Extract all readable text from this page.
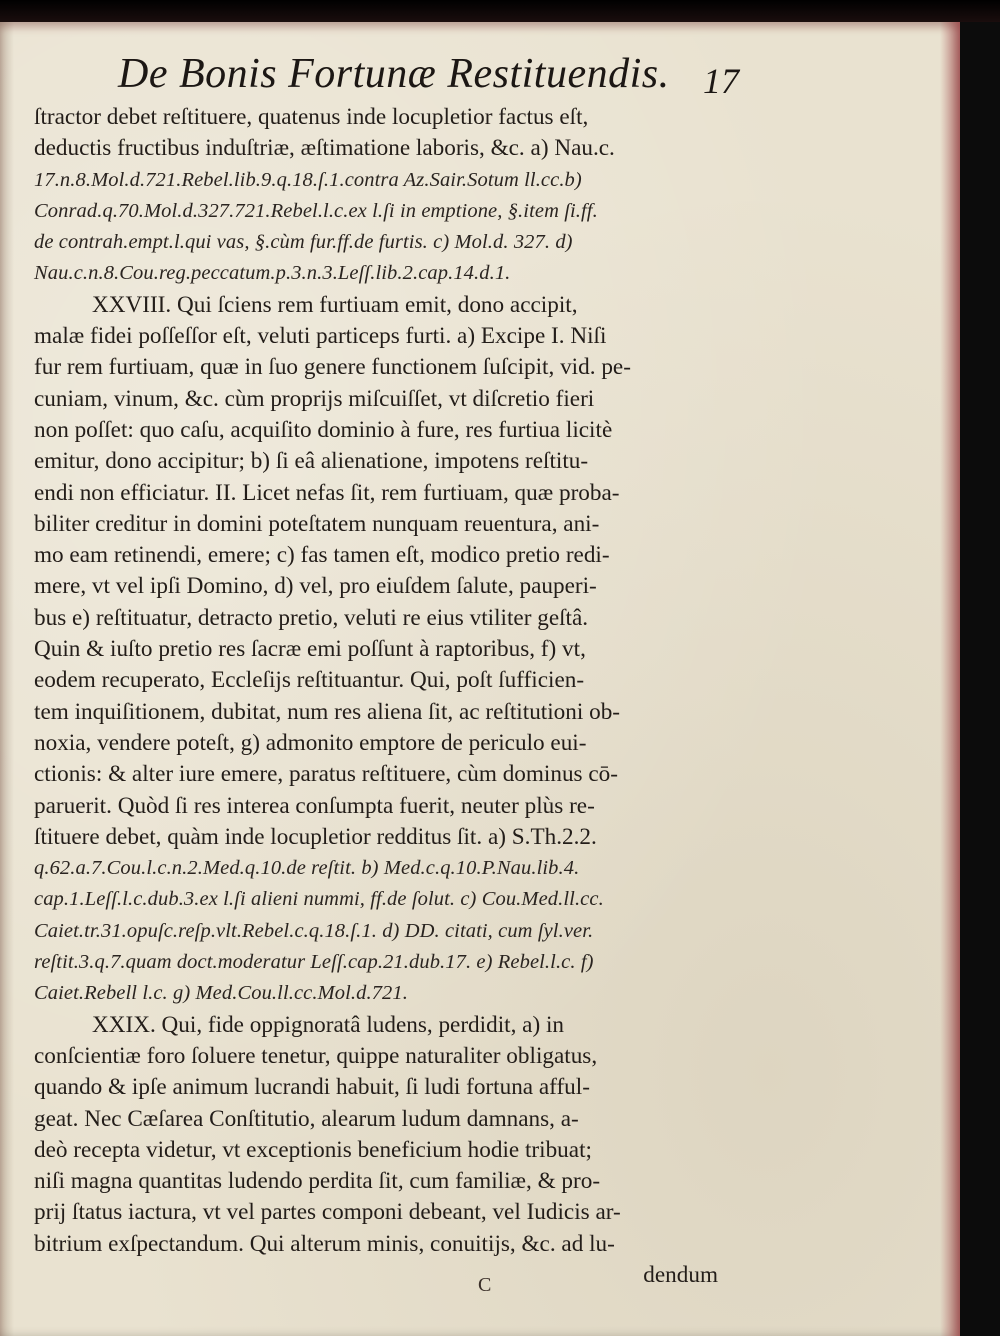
De Bonis Fortunæ Restituendis. 17
ſtractor debet reſtituere, quatenus inde locupletior factus eſt,
deductis fructibus induſtriæ, æſtimatione laboris, &c. a) Nau.c.
17.n.8.Mol.d.721.Rebel.lib.9.q.18.ſ.1.contra Az.Sair.Sotum ll.cc.b)
Conrad.q.70.Mol.d.327.721.Rebel.l.c.ex l.ſi in emptione, §.item ſi.ff.
de contrah.empt.l.qui vas, §.cùm fur.ff.de furtis. c) Mol.d. 327. d)
Nau.c.n.8.Cou.reg.peccatum.p.3.n.3.Leſſ.lib.2.cap.14.d.1.
XXVIII. Qui ſciens rem furtiuam emit, dono accipit,
malæ fidei poſſeſſor eſt, veluti particeps furti. a) Excipe I. Niſi
fur rem furtiuam, quæ in ſuo genere functionem ſuſcipit, vid. pe-
cuniam, vinum, &c. cùm proprijs miſcuiſſet, vt diſcretio fieri
non poſſet: quo caſu, acquiſito dominio à fure, res furtiua licitè
emitur, dono accipitur; b) ſi eâ alienatione, impotens reſtitu-
endi non efficiatur. II. Licet nefas ſit, rem furtiuam, quæ proba-
biliter creditur in domini poteſtatem nunquam reuentura, ani-
mo eam retinendi, emere; c) fas tamen eſt, modico pretio redi-
mere, vt vel ipſi Domino, d) vel, pro eiuſdem ſalute, pauperi-
bus e) reſtituatur, detracto pretio, veluti re eius vtiliter geſtâ.
Quin & iuſto pretio res ſacræ emi poſſunt à raptoribus, f) vt,
eodem recuperato, Eccleſijs reſtituantur. Qui, poſt ſufficien-
tem inquiſitionem, dubitat, num res aliena ſit, ac reſtitutioni ob-
noxia, vendere poteſt, g) admonito emptore de periculo eui-
ctionis: & alter iure emere, paratus reſtituere, cùm dominus cō-
paruerit. Quòd ſi res interea conſumpta fuerit, neuter plùs re-
ſtituere debet, quàm inde locupletior redditus ſit. a) S.Th.2.2.
q.62.a.7.Cou.l.c.n.2.Med.q.10.de reſtit. b) Med.c.q.10.P.Nau.lib.4.
cap.1.Leſſ.l.c.dub.3.ex l.ſi alieni nummi, ff.de ſolut. c) Cou.Med.ll.cc.
Caiet.tr.31.opuſc.reſp.vlt.Rebel.c.q.18.ſ.1. d) DD. citati, cum ſyl.ver.
reſtit.3.q.7.quam doct.moderatur Leſſ.cap.21.dub.17. e) Rebel.l.c. f)
Caiet.Rebell l.c. g) Med.Cou.ll.cc.Mol.d.721.
XXIX. Qui, fide oppignoratâ ludens, perdidit, a) in
conſcientiæ foro ſoluere tenetur, quippe naturaliter obligatus,
quando & ipſe animum lucrandi habuit, ſi ludi fortuna afful-
geat. Nec Cæſarea Conſtitutio, alearum ludum damnans, a-
deò recepta videtur, vt exceptionis beneficium hodie tribuat;
niſi magna quantitas ludendo perdita ſit, cum familiæ, & pro-
prij ſtatus iactura, vt vel partes componi debeant, vel Iudicis ar-
bitrium exſpectandum. Qui alterum minis, conuitijs, &c. ad lu-
dendum
C
